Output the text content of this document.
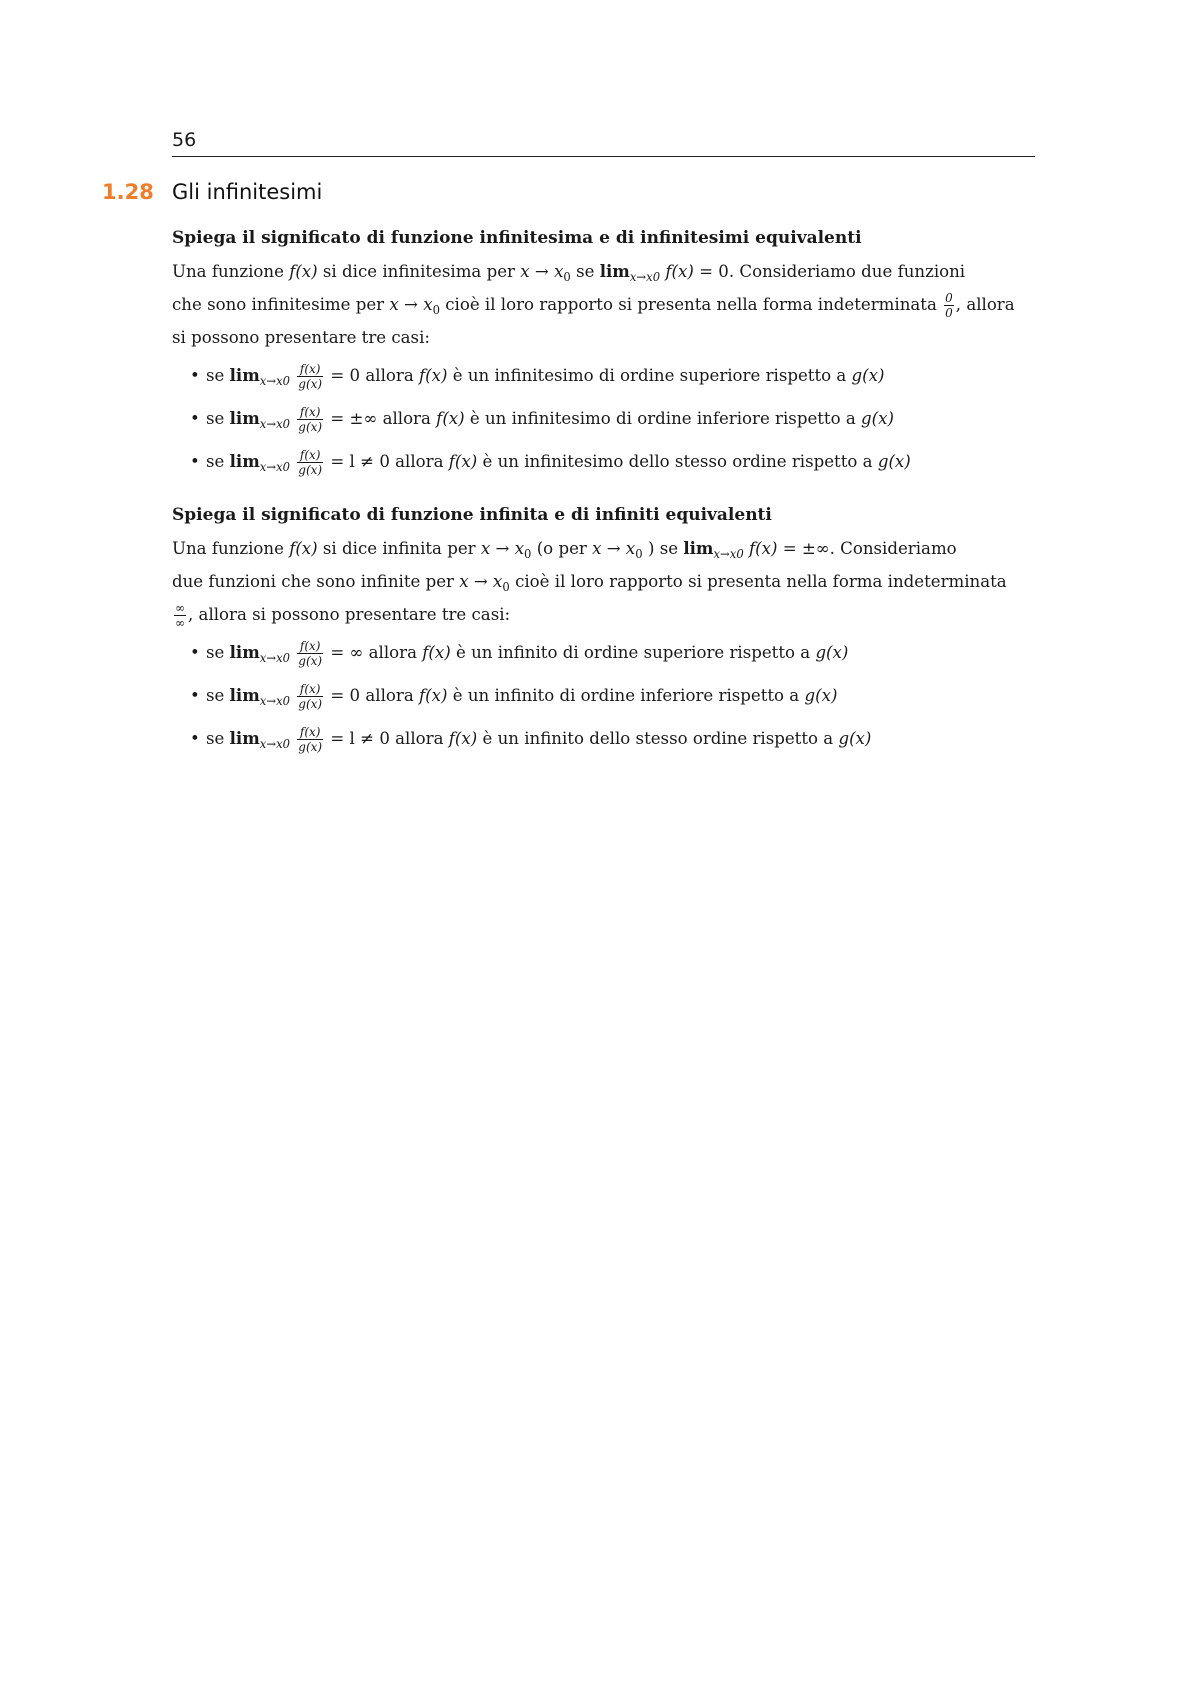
56
1.28 Gli infinitesimi
Spiega il significato di funzione infinitesima e di infinitesimi equivalenti

Una funzione f(x) si dice infinitesima per $x \to x_0$ se $\lim_{x\to x0} f(x) = 0$. Consideriamo due funzioni
che sono infinitesime per $x \to x_0$ cioè il loro rapporto si presenta nella forma indeterminata $\frac{0}{0}$ , allora
si possono presentare tre casi:

• se $\lim_{x\to x0} \frac{f(x)}{g(x)} = 0$ allora f(x) è un infinitesimo di ordine superiore rispetto a g(x)
• se $\lim_{x\to x0} \frac{f(x)}{g(x)}$ = ±∞ allora f(x) è un infinitesimo di ordine inferiore rispetto a g(x)
• se $\lim_{x\to x0} \frac{f(x)}{g(x)} = l \ne 0$ allora f(x) è un infinitesimo dello stesso ordine rispetto a g(x)
Spiega il significato di funzione infinita e di infiniti equivalenti

Una funzione f(x) si dice infinita per $x \to x_0$ (o per $x \to x_0$ ) se $\lim_{x\to x0} f(x)$ = ±∞. Consideriamo
due funzioni che sono infinite per $x \to x_0$ cioè il loro rapporto si presenta nella forma indeterminata

$\frac{\infty}{\infty}$ , allora si possono presentare tre casi:

• se $\lim_{x\to x0} \frac{f(x)}{g(x)}$ = ∞ allora f(x) è un infinito di ordine superiore rispetto a g(x)
• se $\lim_{x\to x0} \frac{f(x)}{g(x)} = 0$ allora f(x) è un infinito di ordine inferiore rispetto a g(x)
• se $\lim_{x\to x0} \frac{f(x)}{g(x)} = l \ne 0$ allora f(x) è un infinito dello stesso ordine rispetto a g(x)
